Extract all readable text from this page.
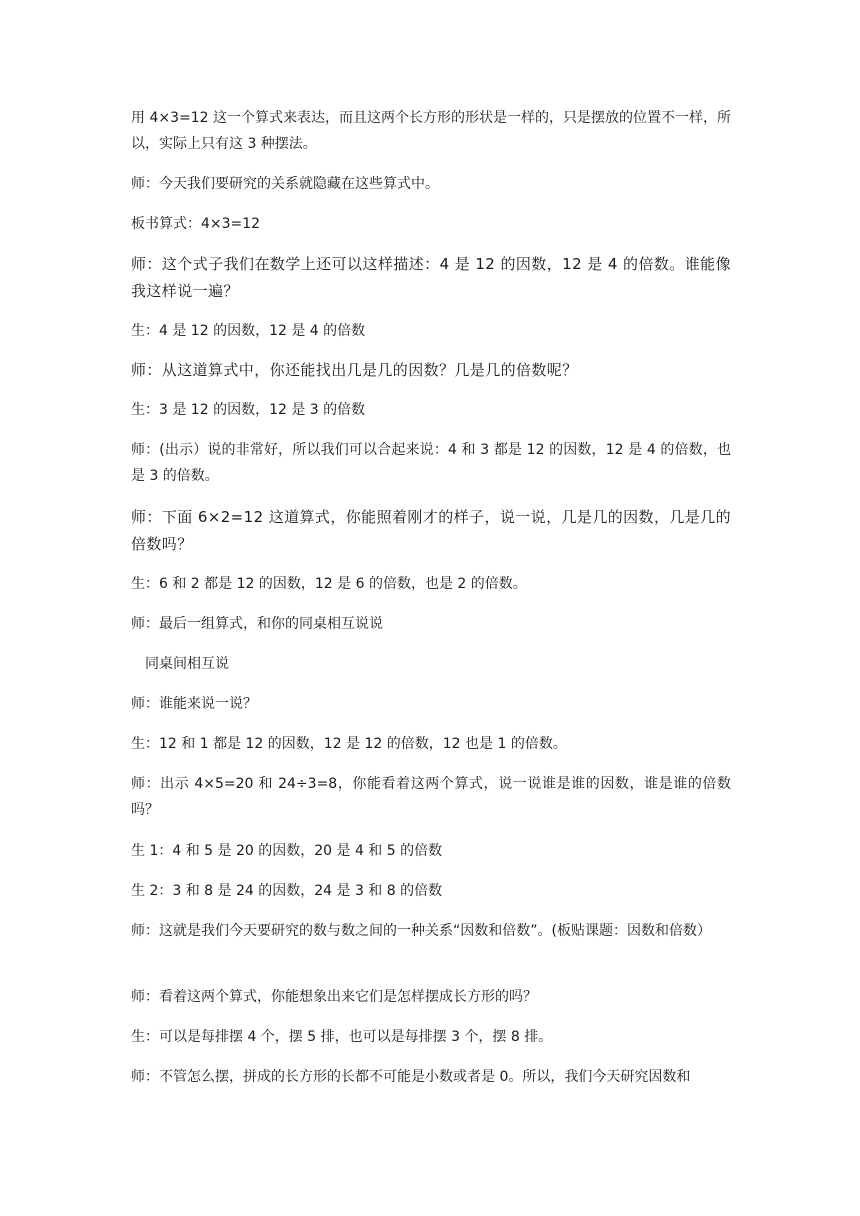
用 4×3=12 这一个算式来表达，而且这两个长方形的形状是一样的，只是摆放的位置不一样，所以，实际上只有这 3 种摆法。
师：今天我们要研究的关系就隐藏在这些算式中。
板书算式：4×3=12
师：这个式子我们在数学上还可以这样描述：4 是 12 的因数，12 是 4 的倍数。谁能像我这样说一遍？
生：4 是 12 的因数，12 是 4 的倍数
师：从这道算式中，你还能找出几是几的因数？几是几的倍数呢？
生：3 是 12 的因数，12 是 3 的倍数
师：(出示）说的非常好，所以我们可以合起来说：4 和 3 都是 12 的因数，12 是 4 的倍数，也是 3 的倍数。
师：下面 6×2=12 这道算式，你能照着刚才的样子，说一说，几是几的因数，几是几的倍数吗？
生：6 和 2 都是 12 的因数，12 是 6 的倍数，也是 2 的倍数。
师：最后一组算式，和你的同桌相互说说
同桌间相互说
师：谁能来说一说？
生：12 和 1 都是 12 的因数，12 是 12 的倍数，12 也是 1 的倍数。
师：出示 4×5=20 和 24÷3=8，你能看着这两个算式，说一说谁是谁的因数，谁是谁的倍数吗？
生 1：4 和 5 是 20 的因数，20 是 4 和 5 的倍数
生 2：3 和 8 是 24 的因数，24 是 3 和 8 的倍数
师：这就是我们今天要研究的数与数之间的一种关系“因数和倍数”。(板贴课题：因数和倍数）
师：看着这两个算式，你能想象出来它们是怎样摆成长方形的吗？
生：可以是每排摆 4 个，摆 5 排，也可以是每排摆 3 个，摆 8 排。
师：不管怎么摆，拼成的长方形的长都不可能是小数或者是 0。所以，我们今天研究因数和
